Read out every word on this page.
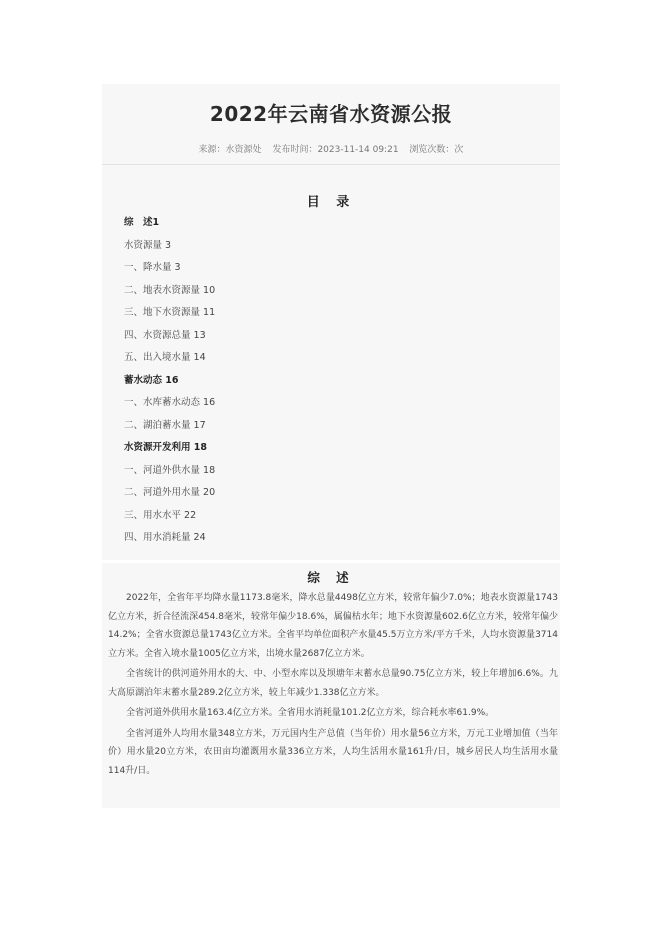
2022年云南省水资源公报
来源：水资源处 发布时间：2023-11-14 09:21 浏览次数：次
目 录
综　述1
水资源量 3
一、降水量 3
二、地表水资源量 10
三、地下水资源量 11
四、水资源总量 13
五、出入境水量 14
蓄水动态 16
一、水库蓄水动态 16
二、湖泊蓄水量 17
水资源开发利用 18
一、河道外供水量 18
二、河道外用水量 20
三、用水水平 22
四、用水消耗量 24
综 述

2022年，全省年平均降水量1173.8毫米，降水总量4498亿立方米，较常年偏少7.0%；地表水资源量1743亿立方米，折合径流深454.8毫米，较常年偏少18.6%，属偏枯水年；地下水资源量602.6亿立方米，较常年偏少14.2%；全省水资源总量1743亿立方米。全省平均单位面积产水量45.5万立方米/平方千米，人均水资源量3714立方米。全省入境水量1005亿立方米，出境水量2687亿立方米。

全省统计的供河道外用水的大、中、小型水库以及坝塘年末蓄水总量90.75亿立方米，较上年增加6.6%。九大高原湖泊年末蓄水量289.2亿立方米，较上年减少1.338亿立方米。

全省河道外供用水量163.4亿立方米。全省用水消耗量101.2亿立方米，综合耗水率61.9%。

全省河道外人均用水量348立方米，万元国内生产总值（当年价）用水量56立方米，万元工业增加值（当年价）用水量20立方米，农田亩均灌溉用水量336立方米，人均生活用水量161升/日，城乡居民人均生活用水量114升/日。
